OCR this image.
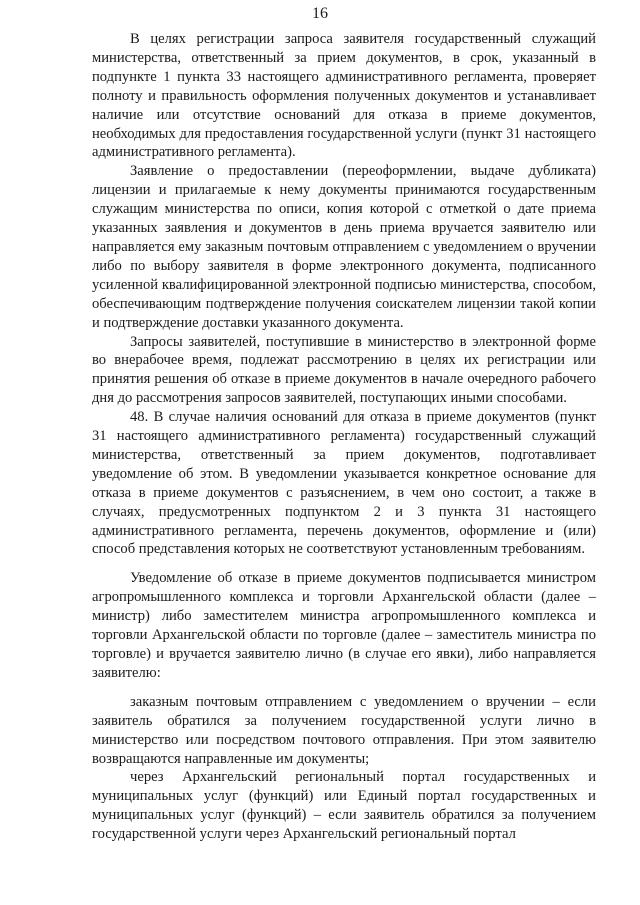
16

В целях регистрации запроса заявителя государственный служащий министерства, ответственный за прием документов, в срок, указанный в подпункте 1 пункта 33 настоящего административного регламента, проверяет полноту и правильность оформления полученных документов и устанавливает наличие или отсутствие оснований для отказа в приеме документов, необходимых для предоставления государственной услуги (пункт 31 настоящего административного регламента).

Заявление о предоставлении (переоформлении, выдаче дубликата) лицензии и прилагаемые к нему документы принимаются государственным служащим министерства по описи, копия которой с отметкой о дате приема указанных заявления и документов в день приема вручается заявителю или направляется ему заказным почтовым отправлением с уведомлением о вручении либо по выбору заявителя в форме электронного документа, подписанного усиленной квалифицированной электронной подписью министерства, способом, обеспечивающим подтверждение получения соискателем лицензии такой копии и подтверждение доставки указанного документа.

Запросы заявителей, поступившие в министерство в электронной форме во внерабочее время, подлежат рассмотрению в целях их регистрации или принятия решения об отказе в приеме документов в начале очередного рабочего дня до рассмотрения запросов заявителей, поступающих иными способами.

48. В случае наличия оснований для отказа в приеме документов (пункт 31 настоящего административного регламента) государственный служащий министерства, ответственный за прием документов, подготавливает уведомление об этом. В уведомлении указывается конкретное основание для отказа в приеме документов с разъяснением, в чем оно состоит, а также в случаях, предусмотренных подпунктом 2 и 3 пункта 31 настоящего административного регламента, перечень документов, оформление и (или) способ представления которых не соответствуют установленным требованиям.

Уведомление об отказе в приеме документов подписывается министром агропромышленного комплекса и торговли Архангельской области (далее – министр) либо заместителем министра агропромышленного комплекса и торговли Архангельской области по торговле (далее – заместитель министра по торговле) и вручается заявителю лично (в случае его явки), либо направляется заявителю:

заказным почтовым отправлением с уведомлением о вручении – если заявитель обратился за получением государственной услуги лично в министерство или посредством почтового отправления. При этом заявителю возвращаются направленные им документы;

через Архангельский региональный портал государственных и муниципальных услуг (функций) или Единый портал государственных и муниципальных услуг (функций) – если заявитель обратился за получением государственной услуги через Архангельский региональный портал
